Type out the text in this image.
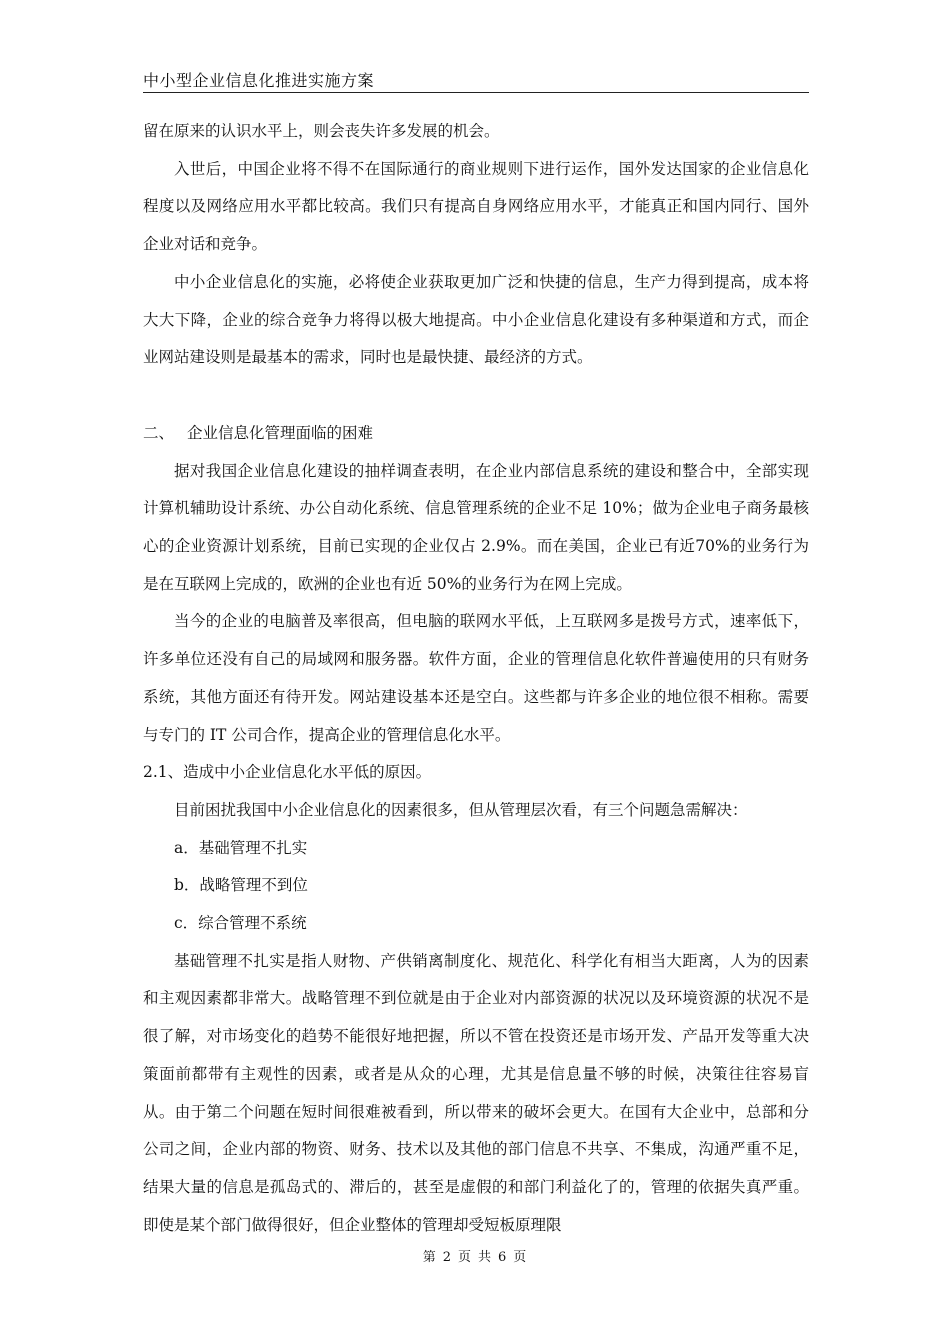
中小型企业信息化推进实施方案

留在原来的认识水平上，则会丧失许多发展的机会。

入世后，中国企业将不得不在国际通行的商业规则下进行运作，国外发达国家的企业信息化程度以及网络应用水平都比较高。我们只有提高自身网络应用水平，才能真正和国内同行、国外企业对话和竞争。

中小企业信息化的实施，必将使企业获取更加广泛和快捷的信息，生产力得到提高，成本将大大下降，企业的综合竞争力将得以极大地提高。中小企业信息化建设有多种渠道和方式，而企业网站建设则是最基本的需求，同时也是最快捷、最经济的方式。

二、 企业信息化管理面临的困难

据对我国企业信息化建设的抽样调查表明，在企业内部信息系统的建设和整合中，全部实现计算机辅助设计系统、办公自动化系统、信息管理系统的企业不足 10%；做为企业电子商务最核心的企业资源计划系统，目前已实现的企业仅占 2.9%。而在美国，企业已有近70%的业务行为是在互联网上完成的，欧洲的企业也有近 50%的业务行为在网上完成。

当今的企业的电脑普及率很高，但电脑的联网水平低，上互联网多是拨号方式，速率低下，许多单位还没有自己的局域网和服务器。软件方面，企业的管理信息化软件普遍使用的只有财务系统，其他方面还有待开发。网站建设基本还是空白。这些都与许多企业的地位很不相称。需要与专门的 IT 公司合作，提高企业的管理信息化水平。

2.1、造成中小企业信息化水平低的原因。

目前困扰我国中小企业信息化的因素很多，但从管理层次看，有三个问题急需解决：

a．基础管理不扎实

b．战略管理不到位

c．综合管理不系统

基础管理不扎实是指人财物、产供销离制度化、规范化、科学化有相当大距离，人为的因素和主观因素都非常大。战略管理不到位就是由于企业对内部资源的状况以及环境资源的状况不是很了解，对市场变化的趋势不能很好地把握，所以不管在投资还是市场开发、产品开发等重大决策面前都带有主观性的因素，或者是从众的心理，尤其是信息量不够的时候，决策往往容易盲从。由于第二个问题在短时间很难被看到，所以带来的破坏会更大。在国有大企业中，总部和分公司之间，企业内部的物资、财务、技术以及其他的部门信息不共享、不集成，沟通严重不足，结果大量的信息是孤岛式的、滞后的，甚至是虚假的和部门利益化了的，管理的依据失真严重。即使是某个部门做得很好，但企业整体的管理却受短板原理限

第 2 页 共 6 页
